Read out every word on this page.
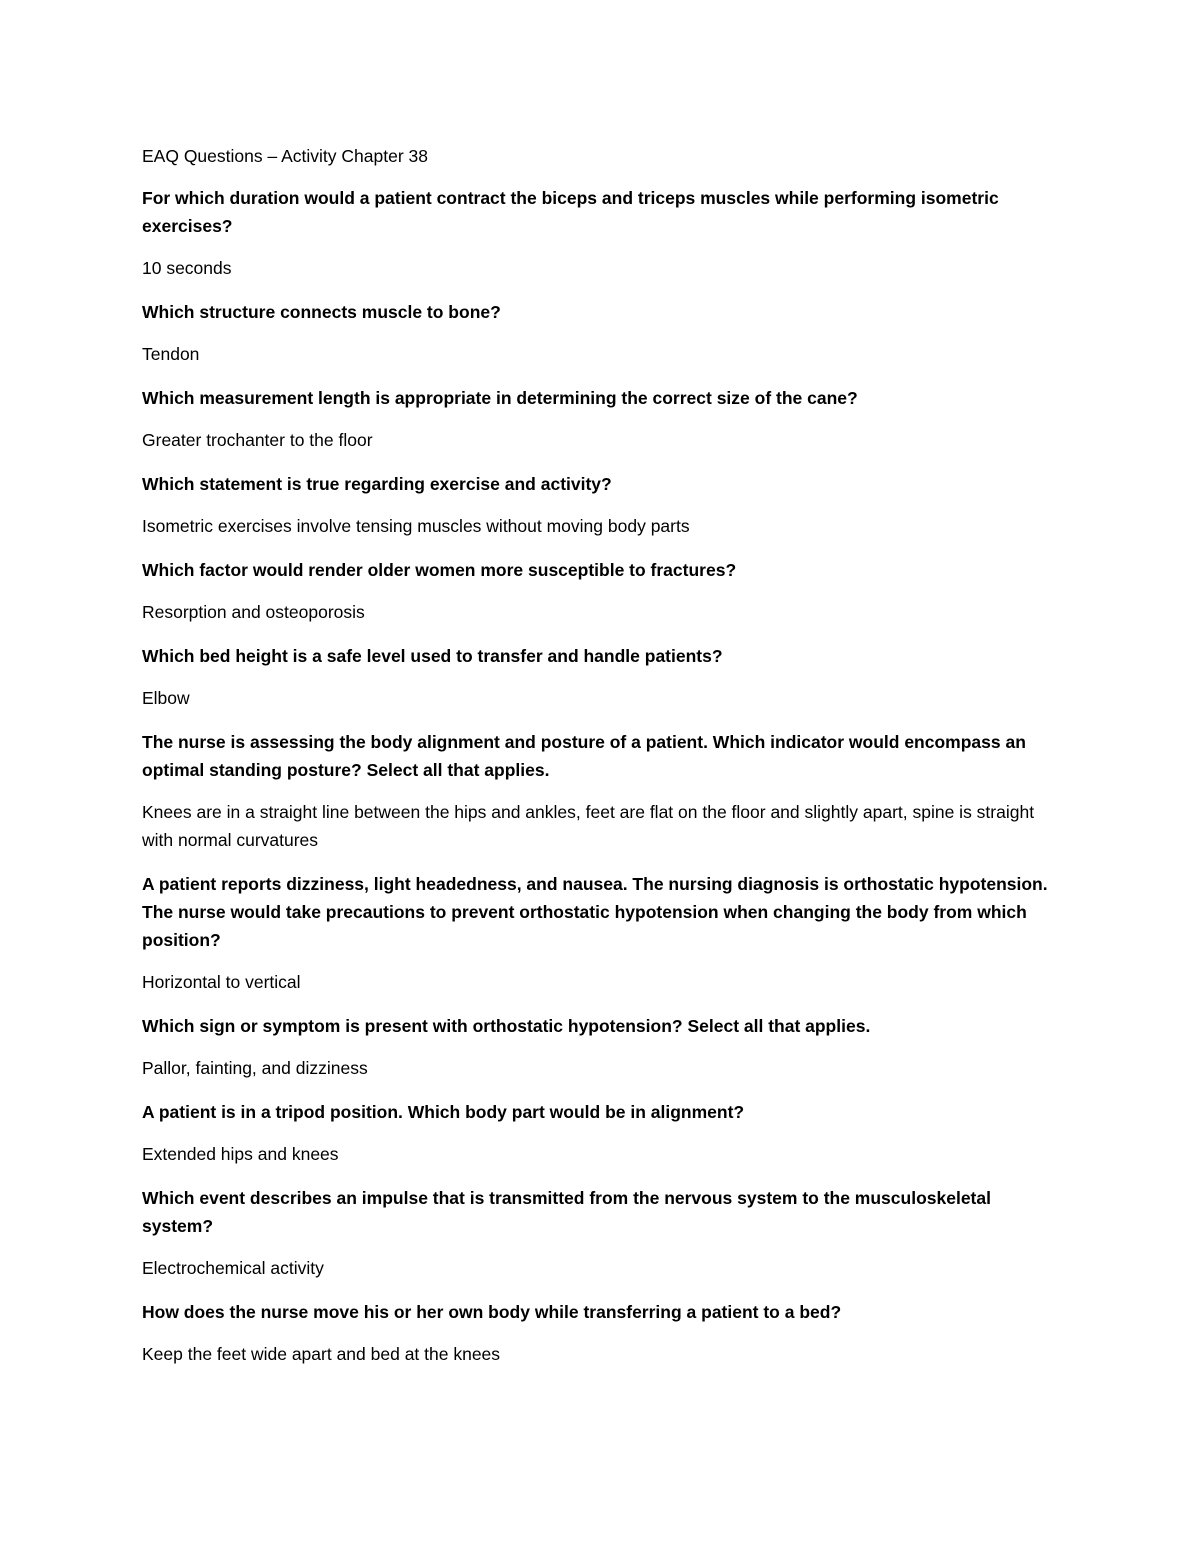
EAQ Questions – Activity Chapter 38

For which duration would a patient contract the biceps and triceps muscles while performing isometric exercises?

10 seconds

Which structure connects muscle to bone?

Tendon

Which measurement length is appropriate in determining the correct size of the cane?

Greater trochanter to the floor

Which statement is true regarding exercise and activity?

Isometric exercises involve tensing muscles without moving body parts

Which factor would render older women more susceptible to fractures?

Resorption and osteoporosis

Which bed height is a safe level used to transfer and handle patients?

Elbow

The nurse is assessing the body alignment and posture of a patient. Which indicator would encompass an optimal standing posture? Select all that applies.

Knees are in a straight line between the hips and ankles, feet are flat on the floor and slightly apart, spine is straight with normal curvatures

A patient reports dizziness, light headedness, and nausea. The nursing diagnosis is orthostatic hypotension. The nurse would take precautions to prevent orthostatic hypotension when changing the body from which position?

Horizontal to vertical

Which sign or symptom is present with orthostatic hypotension? Select all that applies.

Pallor, fainting, and dizziness

A patient is in a tripod position. Which body part would be in alignment?

Extended hips and knees

Which event describes an impulse that is transmitted from the nervous system to the musculoskeletal system?

Electrochemical activity

How does the nurse move his or her own body while transferring a patient to a bed?

Keep the feet wide apart and bed at the knees
